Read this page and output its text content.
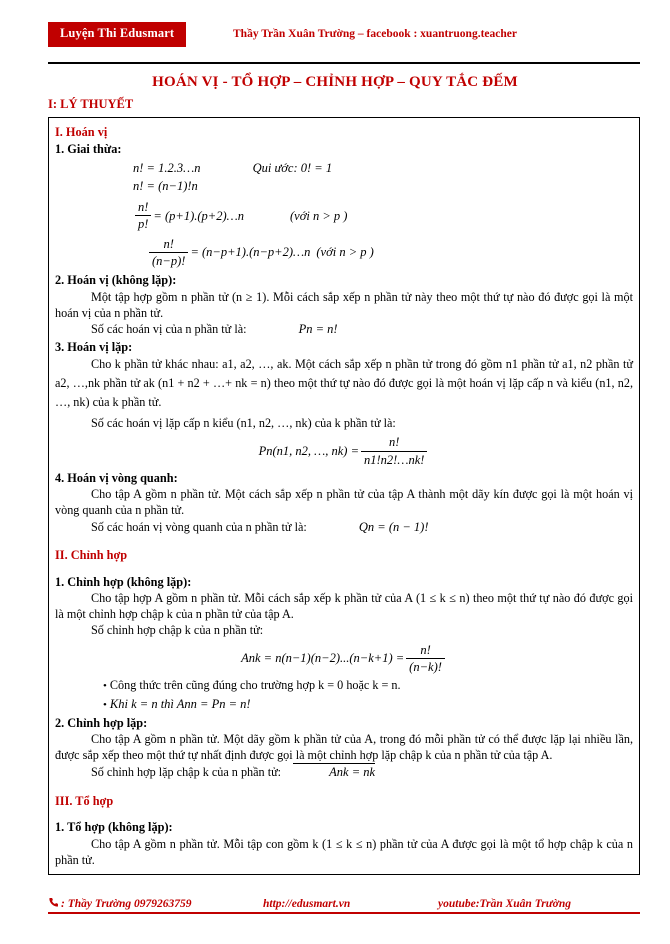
Luyện Thi Edusmart	Thầy Trần Xuân Trường – facebook : xuantruong.teacher
HOÁN VỊ - TỔ HỢP – CHỈNH HỢP – QUY TẮC ĐẾM
I: LÝ THUYẾT
I. Hoán vị
1. Giai thừa:
n! = 1.2.3…n	Qui ước: 0! = 1
n! = (n−1)!n
$\frac{n!}{p!}$ = (p+1).(p+2)…n	(với n > p )
$\frac{n!}{(n-p)!}$ = (n−p+1).(n−p+2)…n (với n > p )
2. Hoán vị (không lặp):

Một tập hợp gồm n phần tử (n ≥ 1). Mỗi cách sắp xếp n phần tử này theo một thứ tự nào đó được gọi là một hoán vị của n phần tử.

Số các hoán vị của n phần tử là:	Pn = n!

3. Hoán vị lặp:

Cho k phần tử khác nhau: a1, a2, …, ak. Một cách sắp xếp n phần tử trong đó gồm n1 phần tử a1, n2 phần tử a2, …,nk phần tử ak (n1 + n2 + …+ nk = n) theo một thứ tự nào đó được gọi là một hoán vị lặp cấp n và kiểu (n1, n2, …, nk) của k phần tử.

Số các hoán vị lặp cấp n kiểu (n1, n2, …, nk) của k phần tử là:

Pn(n1, n2, …, $nk) = \frac{n!}{n1!n2!\dots nk!}$
4. Hoán vị vòng quanh:

Cho tập A gồm n phần tử. Một cách sắp xếp n phần tử của tập A thành một dãy kín được gọi là một hoán vị vòng quanh của n phần tử.

Số các hoán vị vòng quanh của n phần tử là:	Qn = (n − 1)!

II. Chỉnh hợp
1. Chỉnh hợp (không lặp):

Cho tập hợp A gồm n phần tử. Mỗi cách sắp xếp k phần tử của A (1 ≤ k ≤ n) theo một thứ tự nào đó được gọi là một chỉnh hợp chập k của n phần tử của tập A.

Số chỉnh hợp chập k của n phần tử:

Ank = $n(n-1)(n-2)...(n-k+1) = \frac{n!}{(n-k)!}$
• Công thức trên cũng đúng cho trường hợp k = 0 hoặc k = n.
• Khi k = n thì Ann = Pn = n!
2. Chỉnh hợp lặp:

Cho tập A gồm n phần tử. Một dãy gồm k phần tử của A, trong đó mỗi phần tử có thể được lặp lại nhiều lần, được sắp xếp theo một thứ tự nhất định được gọi là một chỉnh hợp lặp chập k của n phần tử của tập A.

Số chỉnh hợp lặp chập k của n phần tử:	Ank = nk

III. Tổ hợp
1. Tổ hợp (không lặp):

Cho tập A gồm n phần tử. Mỗi tập con gồm k (1 ≤ k ≤ n) phần tử của A được gọi là một tổ hợp chập k của n phần tử.

: Thầy Trường 0979263759	http://edusmart.vn	youtube:Trần Xuân Trường
